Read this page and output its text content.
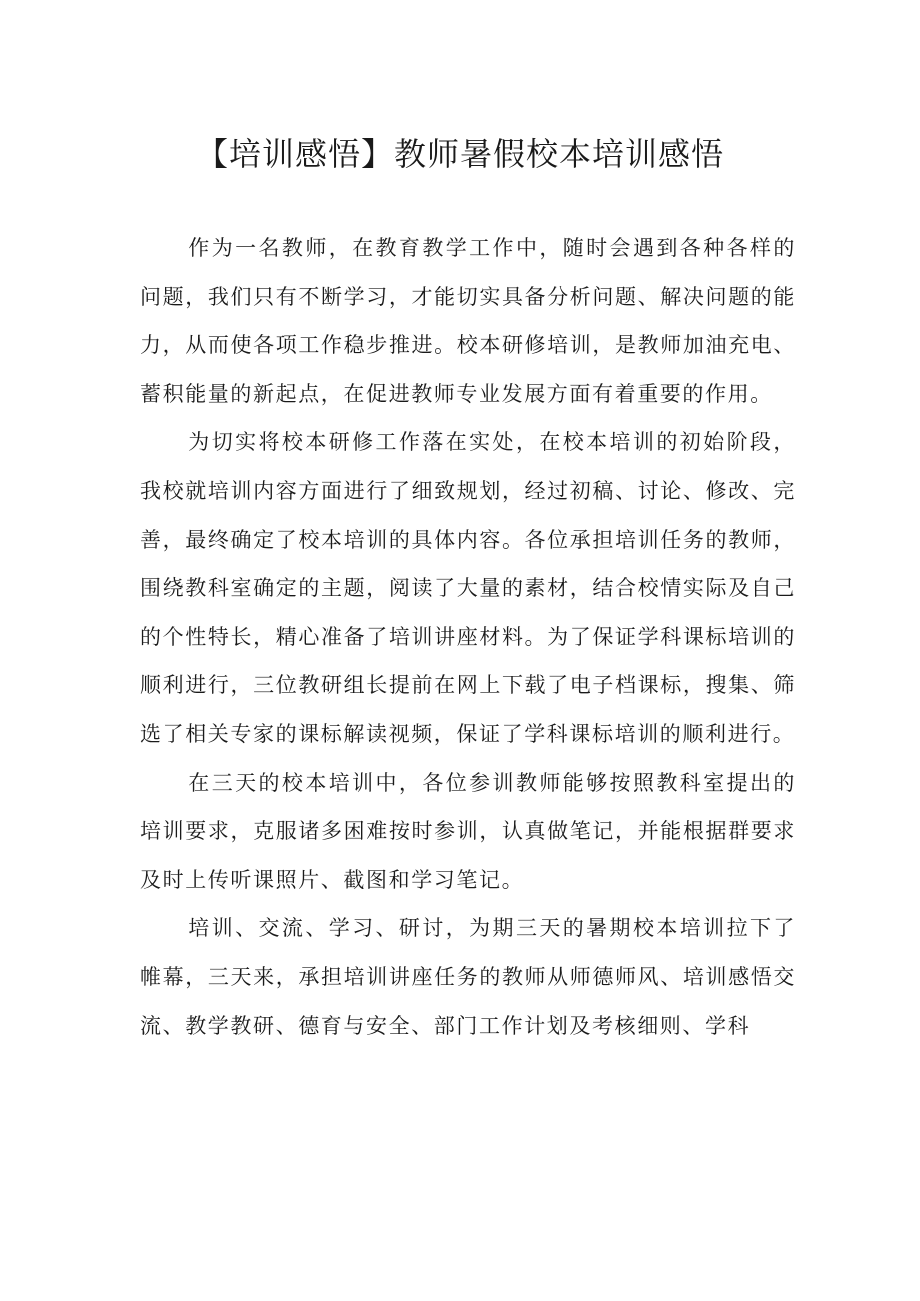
【培训感悟】教师暑假校本培训感悟

作为一名教师，在教育教学工作中，随时会遇到各种各样的问题，我们只有不断学习，才能切实具备分析问题、解决问题的能力，从而使各项工作稳步推进。校本研修培训，是教师加油充电、蓄积能量的新起点，在促进教师专业发展方面有着重要的作用。

为切实将校本研修工作落在实处，在校本培训的初始阶段，我校就培训内容方面进行了细致规划，经过初稿、讨论、修改、完善，最终确定了校本培训的具体内容。各位承担培训任务的教师，围绕教科室确定的主题，阅读了大量的素材，结合校情实际及自己的个性特长，精心准备了培训讲座材料。为了保证学科课标培训的顺利进行，三位教研组长提前在网上下载了电子档课标，搜集、筛选了相关专家的课标解读视频，保证了学科课标培训的顺利进行。

在三天的校本培训中，各位参训教师能够按照教科室提出的培训要求，克服诸多困难按时参训，认真做笔记，并能根据群要求及时上传听课照片、截图和学习笔记。

培训、交流、学习、研讨，为期三天的暑期校本培训拉下了帷幕，三天来，承担培训讲座任务的教师从师德师风、培训感悟交流、教学教研、德育与安全、部门工作计划及考核细则、学科
